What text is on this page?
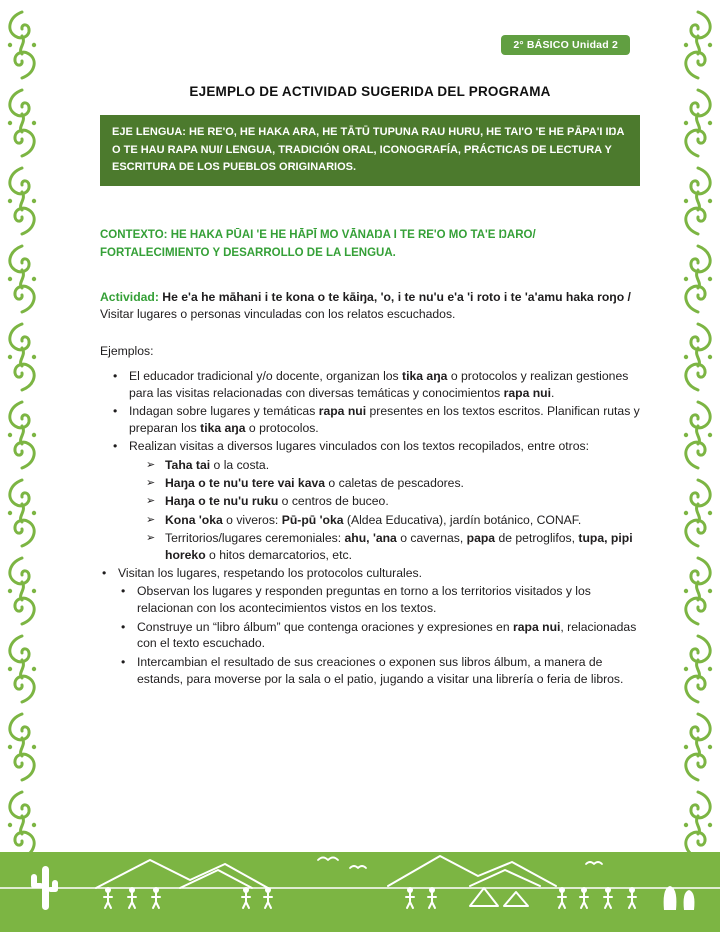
2° BÁSICO Unidad 2
EJEMPLO DE ACTIVIDAD SUGERIDA DEL PROGRAMA

EJE LENGUA: HE RE'O, HE HAKA ARA, HE TĀTŪ TUPUNA RAU HURU, HE TAI'O 'E HE PĀPA'I IŊA O TE HAU RAPA NUI/ LENGUA, TRADICIÓN ORAL, ICONOGRAFÍA, PRÁCTICAS DE LECTURA Y ESCRITURA DE LOS PUEBLOS ORIGINARIOS.

CONTEXTO: HE HAKA PŪAI 'E HE HĀPĪ MO VĀNAŊA I TE RE'O MO TA'E ŊARO/ FORTALECIMIENTO Y DESARROLLO DE LA LENGUA.

Actividad: He e'a he māhani i te kona o te kāiŋa, 'o, i te nu'u e'a 'i roto i te 'a'amu haka roŋo / Visitar lugares o personas vinculadas con los relatos escuchados.

Ejemplos:

• El educador tradicional y/o docente, organizan los tika aŋa o protocolos y realizan gestiones para las visitas relacionadas con diversas temáticas y conocimientos rapa nui.
• Indagan sobre lugares y temáticas rapa nui presentes en los textos escritos. Planifican rutas y preparan los tika aŋa o protocolos.
• Realizan visitas a diversos lugares vinculados con los textos recopilados, entre otros:
➢ Taha tai o la costa.
➢ Haŋa o te nu'u tere vai kava o caletas de pescadores.
➢ Haŋa o te nu'u ruku o centros de buceo.
➢ Kona 'oka o viveros: Pū-pū 'oka (Aldea Educativa), jardín botánico, CONAF.
➢ Territorios/lugares ceremoniales: ahu, 'ana o cavernas, papa de petroglifos, tupa, pipi horeko o hitos demarcatorios, etc.
• Visitan los lugares, respetando los protocolos culturales.
• Observan los lugares y responden preguntas en torno a los territorios visitados y los relacionan con los acontecimientos vistos en los textos.
• Construye un “libro álbum” que contenga oraciones y expresiones en rapa nui, relacionadas con el texto escuchado.
• Intercambian el resultado de sus creaciones o exponen sus libros álbum, a manera de estands, para moverse por la sala o el patio, jugando a visitar una librería o feria de libros.
